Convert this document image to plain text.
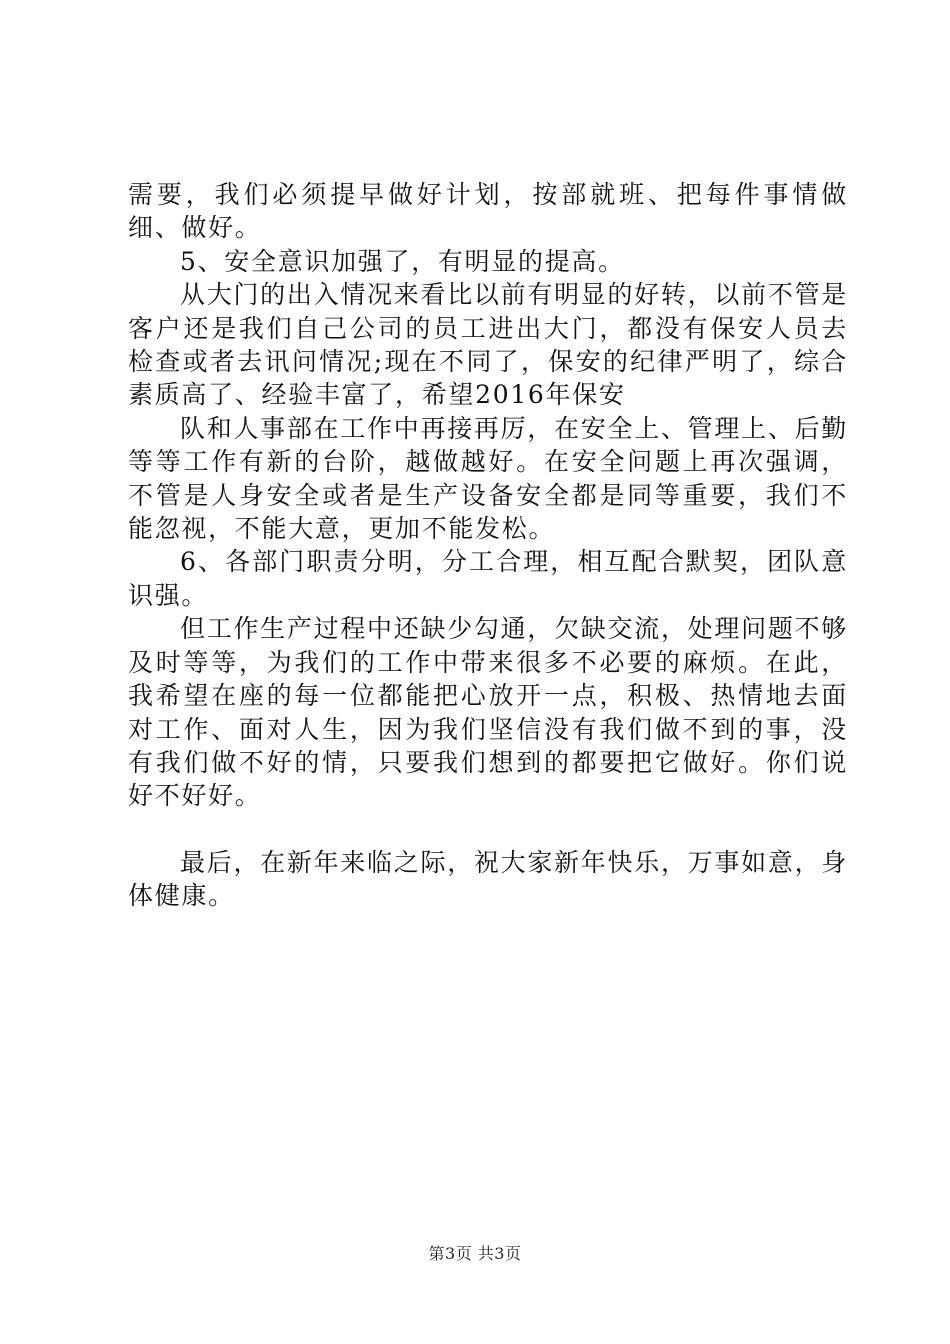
需要，我们必须提早做好计划，按部就班、把每件事情做细、做好。

5、安全意识加强了，有明显的提高。

从大门的出入情况来看比以前有明显的好转，以前不管是客户还是我们自己公司的员工进出大门，都没有保安人员去检查或者去讯问情况;现在不同了，保安的纪律严明了，综合素质高了、经验丰富了，希望2016年保安

队和人事部在工作中再接再厉，在安全上、管理上、后勤等等工作有新的台阶，越做越好。在安全问题上再次强调，不管是人身安全或者是生产设备安全都是同等重要，我们不能忽视，不能大意，更加不能发松。

6、各部门职责分明，分工合理，相互配合默契，团队意识强。

但工作生产过程中还缺少勾通，欠缺交流，处理问题不够及时等等，为我们的工作中带来很多不必要的麻烦。在此，我希望在座的每一位都能把心放开一点，积极、热情地去面对工作、面对人生，因为我们坚信没有我们做不到的事，没有我们做不好的情，只要我们想到的都要把它做好。你们说好不好好。

最后，在新年来临之际，祝大家新年快乐，万事如意，身体健康。

第3页 共3页
